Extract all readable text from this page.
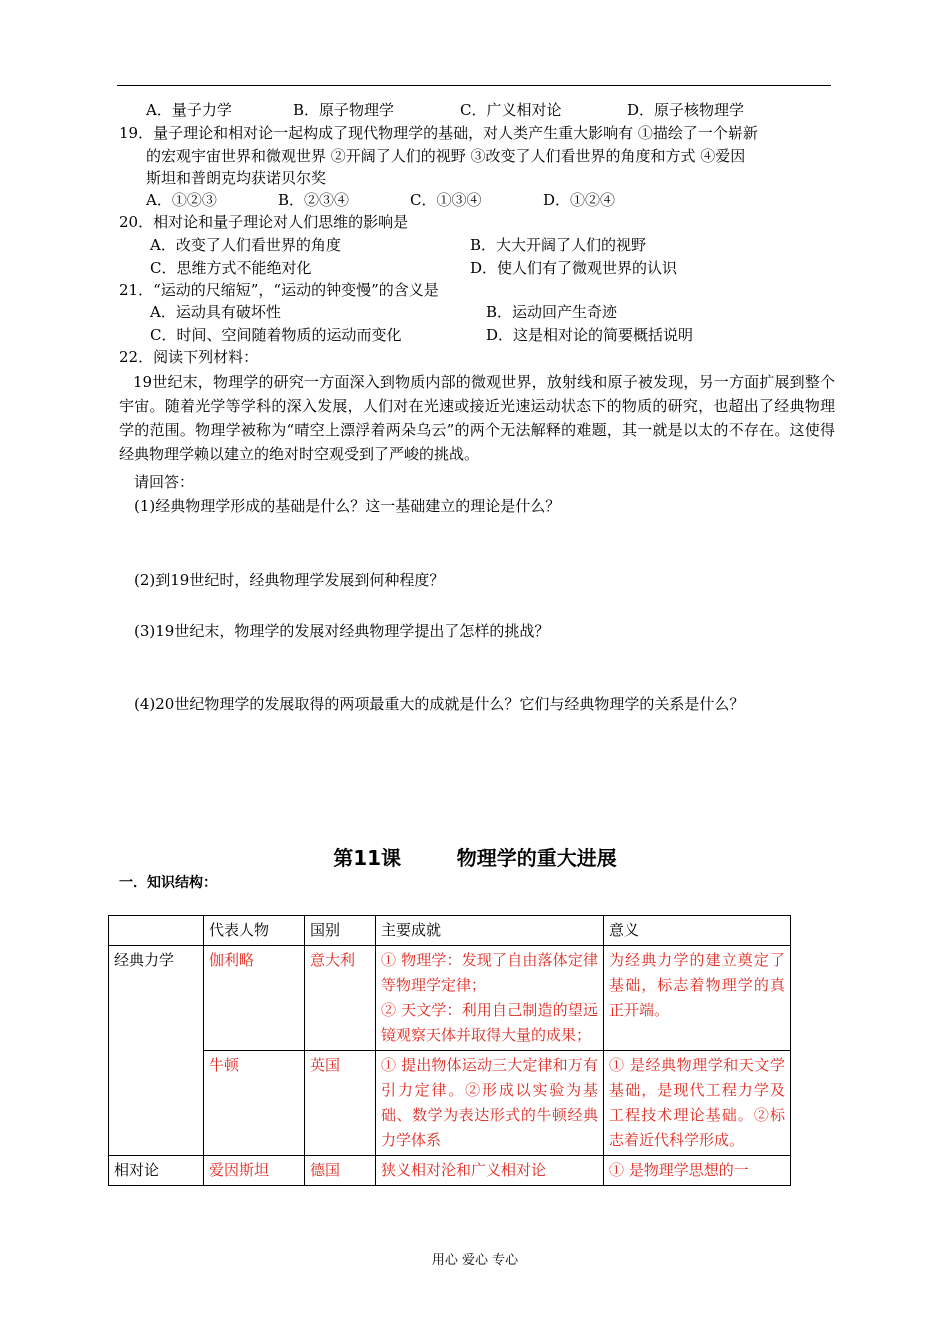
A．量子力学	B．原子物理学	C．广义相对论	D．原子核物理学
19．量子理论和相对论一起构成了现代物理学的基础，对人类产生重大影响有 ①描绘了一个崭新
的宏观宇宙世界和微观世界 ②开阔了人们的视野 ③改变了人们看世界的角度和方式 ④爱因
斯坦和普朗克均获诺贝尔奖
A．①②③	B．②③④	C．①③④	D．①②④
20．相对论和量子理论对人们思维的影响是
A．改变了人们看世界的角度	B．大大开阔了人们的视野
C．思维方式不能绝对化	D．使人们有了微观世界的认识
21．“运动的尺缩短”，“运动的钟变慢”的含义是
A．运动具有破坏性	B．运动回产生奇迹
C．时间、空间随着物质的运动而变化	D．这是相对论的简要概括说明
22．阅读下列材料：
19世纪末，物理学的研究一方面深入到物质内部的微观世界，放射线和原子被发现，另一方面扩展到整个宇宙。随着光学等学科的深入发展，人们对在光速或接近光速运动状态下的物质的研究，也超出了经典物理学的范围。物理学被称为“晴空上漂浮着两朵乌云”的两个无法解释的难题，其一就是以太的不存在。这使得经典物理学赖以建立的绝对时空观受到了严峻的挑战。
请回答：
(1)经典物理学形成的基础是什么？这一基础建立的理论是什么？
(2)到19世纪时，经典物理学发展到何种程度？
(3)19世纪末，物理学的发展对经典物理学提出了怎样的挑战？
(4)20世纪物理学的发展取得的两项最重大的成就是什么？它们与经典物理学的关系是什么？
第11课        物理学的重大进展
一．知识结构：
	代表人物	国别	主要成就	意义
经典力学	伽利略	意大利	① 物理学：发现了自由落体定律等物理学定律；
② 天文学：利用自己制造的望远镜观察天体并取得大量的成果；	为经典力学的建立奠定了基础，标志着物理学的真正开端。
	牛顿	英国	① 提出物体运动三大定律和万有引力定律。②形成以实验为基础、数学为表达形式的牛顿经典力学体系	① 是经典物理学和天文学基础，是现代工程力学及工程技术理论基础。②标志着近代科学形成。
相对论	爱因斯坦	德国	狭义相对沦和广义相对论	① 是物理学思想的一
用心 爱心 专心
